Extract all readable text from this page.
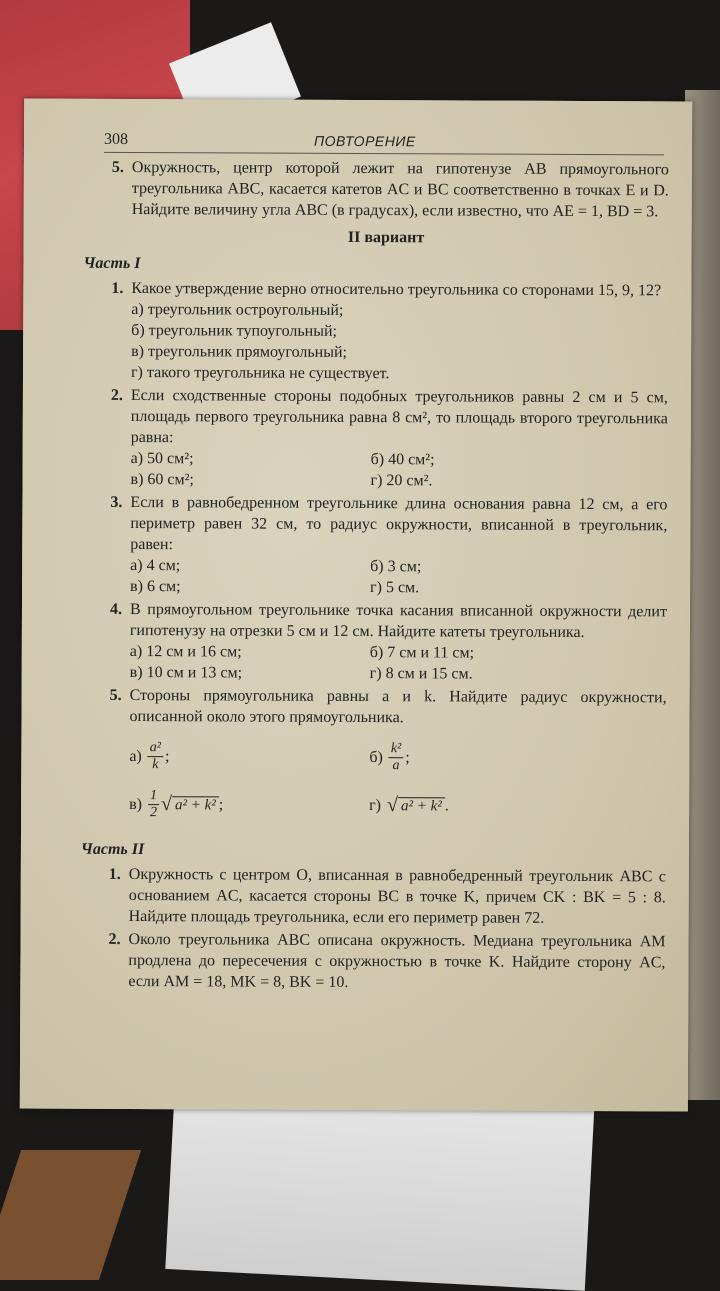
308	ПОВТОРЕНИЕ
5. Окружность, центр которой лежит на гипотенузе AB прямоугольного треугольника ABC, касается катетов AC и BC соответственно в точках E и D. Найдите величину угла ABC (в градусах), если известно, что AE = 1, BD = 3.
II вариант
Часть I
1. Какое утверждение верно относительно треугольника со сторонами 15, 9, 12?
а) треугольник остроугольный;
б) треугольник тупоугольный;
в) треугольник прямоугольный;
г) такого треугольника не существует.
2. Если сходственные стороны подобных треугольников равны 2 см и 5 см, площадь первого треугольника равна 8 см², то площадь второго треугольника равна:
а) 50 см²;	б) 40 см²;
в) 60 см²;	г) 20 см².
3. Если в равнобедренном треугольнике длина основания равна 12 см, а его периметр равен 32 см, то радиус окружности, вписанной в треугольник, равен:
а) 4 см;	б) 3 см;
в) 6 см;	г) 5 см.
4. В прямоугольном треугольнике точка касания вписанной окружности делит гипотенузу на отрезки 5 см и 12 см. Найдите катеты треугольника.
а) 12 см и 16 см;	б) 7 см и 11 см;
в) 10 см и 13 см;	г) 8 см и 15 см.
5. Стороны прямоугольника равны a и k. Найдите радиус окружности, описанной около этого прямоугольника.
$а) \frac{\text{a²}}{k}$ ;	$б) \frac{\text{k²}}{a}$ ;
$в) \frac{1}{2}$ √ a² + k² ;	г) √ a² + k² .
Часть II
1. Окружность с центром O, вписанная в равнобедренный треугольник ABC с основанием AC, касается стороны BC в точке K, причем CK : BK = 5 : 8. Найдите площадь треугольника, если его периметр равен 72.
2. Около треугольника ABC описана окружность. Медиана треугольника AM продлена до пересечения с окружностью в точке K. Найдите сторону AC, если AM = 18, MK = 8, BK = 10.
